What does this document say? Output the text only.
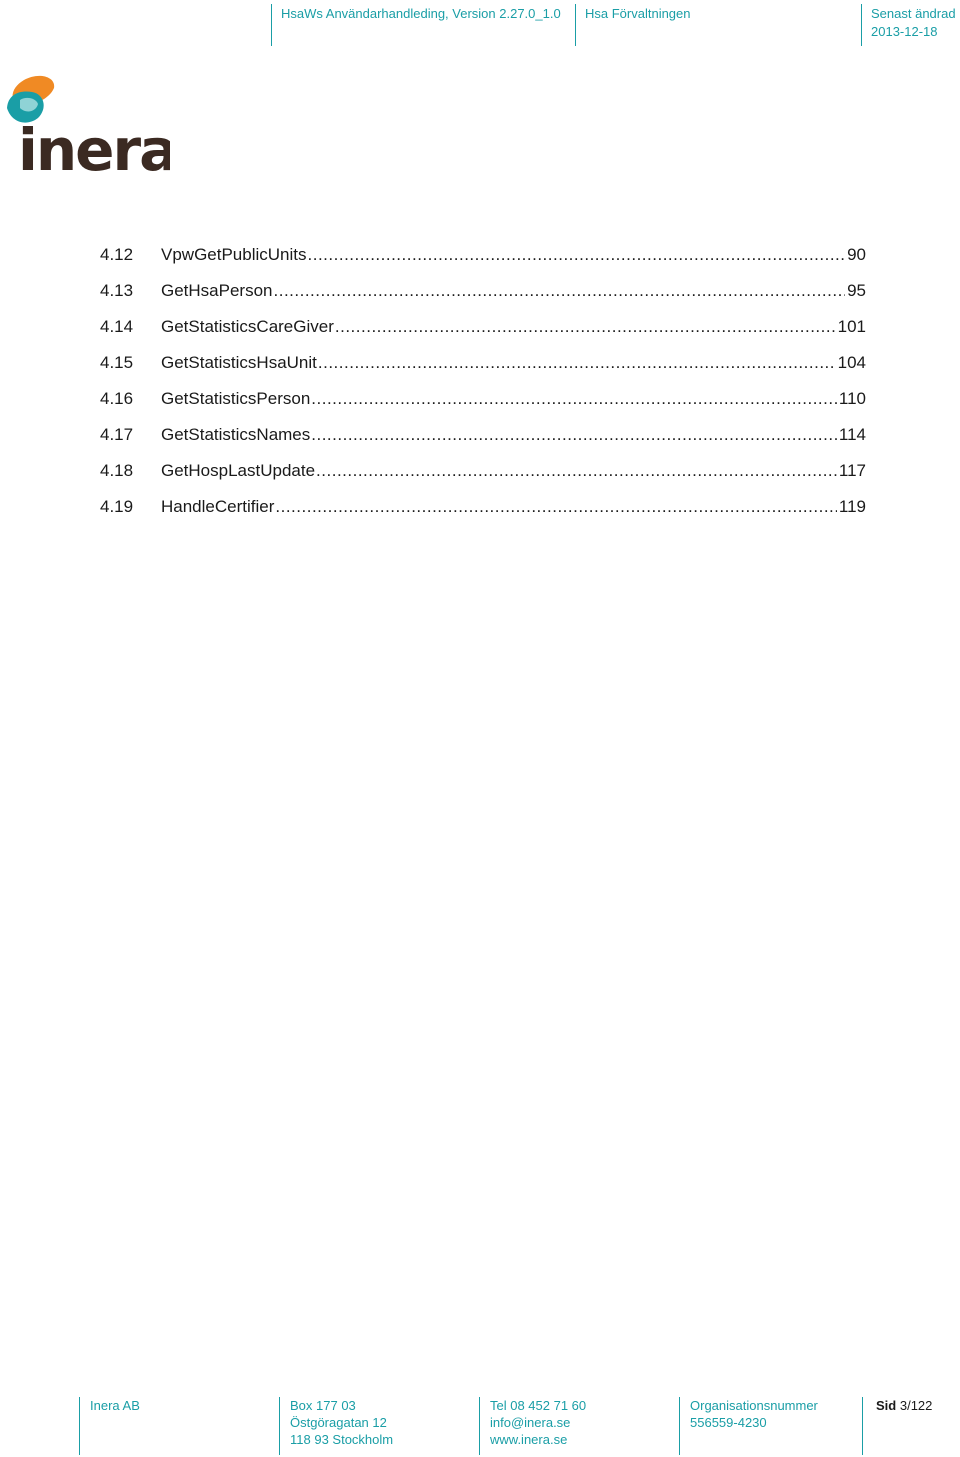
HsaWs Användarhandleding, Version 2.27.0_1.0 Hsa Förvaltningen	Senast ändrad
2013-12-18
inera
4.12	VpwGetPublicUnits .....	90
4.13	GetHsaPerson .....	95
4.14	GetStatisticsCareGiver .....	101
4.15	GetStatisticsHsaUnit .....	104
4.16	GetStatisticsPerson .....	110
4.17	GetStatisticsNames .....	114
4.18	GetHospLastUpdate .....	117
4.19	HandleCertifier .....	119
Inera AB	Box 177 03
Östgöragatan 12
118 93 Stockholm
Tel 08 452 71 60
info@inera.se
www.inera.se
Organisationsnummer
556559-4230
Sid 3/122
